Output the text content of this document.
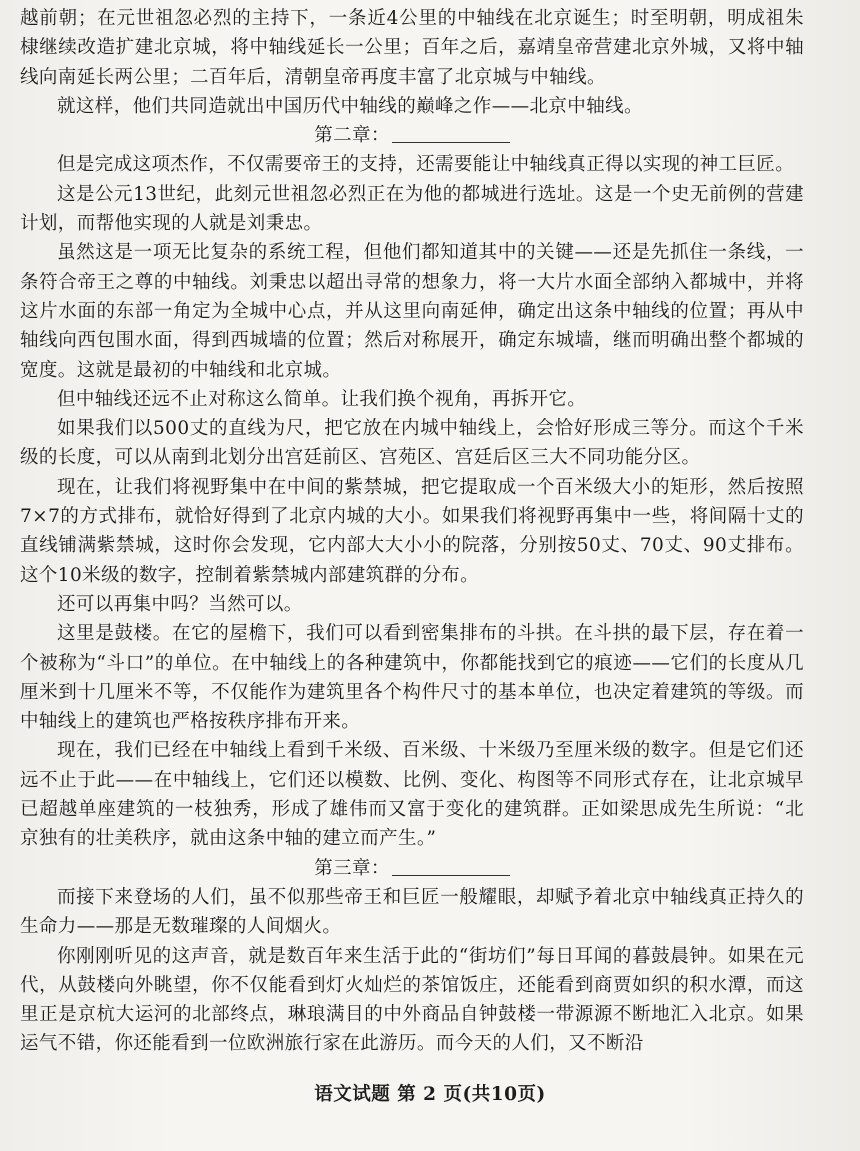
越前朝；在元世祖忽必烈的主持下，一条近4公里的中轴线在北京诞生；时至明朝，明成祖朱棣继续改造扩建北京城，将中轴线延长一公里；百年之后，嘉靖皇帝营建北京外城，又将中轴线向南延长两公里；二百年后，清朝皇帝再度丰富了北京城与中轴线。

就这样，他们共同造就出中国历代中轴线的巅峰之作——北京中轴线。

第二章：

但是完成这项杰作，不仅需要帝王的支持，还需要能让中轴线真正得以实现的神工巨匠。

这是公元13世纪，此刻元世祖忽必烈正在为他的都城进行选址。这是一个史无前例的营建计划，而帮他实现的人就是刘秉忠。

虽然这是一项无比复杂的系统工程，但他们都知道其中的关键——还是先抓住一条线，一条符合帝王之尊的中轴线。刘秉忠以超出寻常的想象力，将一大片水面全部纳入都城中，并将这片水面的东部一角定为全城中心点，并从这里向南延伸，确定出这条中轴线的位置；再从中轴线向西包围水面，得到西城墙的位置；然后对称展开，确定东城墙，继而明确出整个都城的宽度。这就是最初的中轴线和北京城。

但中轴线还远不止对称这么简单。让我们换个视角，再拆开它。

如果我们以500丈的直线为尺，把它放在内城中轴线上，会恰好形成三等分。而这个千米级的长度，可以从南到北划分出宫廷前区、宫苑区、宫廷后区三大不同功能分区。

现在，让我们将视野集中在中间的紫禁城，把它提取成一个百米级大小的矩形，然后按照7×7的方式排布，就恰好得到了北京内城的大小。如果我们将视野再集中一些，将间隔十丈的直线铺满紫禁城，这时你会发现，它内部大大小小的院落，分别按50丈、70丈、90丈排布。这个10米级的数字，控制着紫禁城内部建筑群的分布。

还可以再集中吗？当然可以。

这里是鼓楼。在它的屋檐下，我们可以看到密集排布的斗拱。在斗拱的最下层，存在着一个被称为“斗口”的单位。在中轴线上的各种建筑中，你都能找到它的痕迹——它们的长度从几厘米到十几厘米不等，不仅能作为建筑里各个构件尺寸的基本单位，也决定着建筑的等级。而中轴线上的建筑也严格按秩序排布开来。

现在，我们已经在中轴线上看到千米级、百米级、十米级乃至厘米级的数字。但是它们还远不止于此——在中轴线上，它们还以模数、比例、变化、构图等不同形式存在，让北京城早已超越单座建筑的一枝独秀，形成了雄伟而又富于变化的建筑群。正如梁思成先生所说：“北京独有的壮美秩序，就由这条中轴的建立而产生。”

第三章：

而接下来登场的人们，虽不似那些帝王和巨匠一般耀眼，却赋予着北京中轴线真正持久的生命力——那是无数璀璨的人间烟火。

你刚刚听见的这声音，就是数百年来生活于此的“街坊们”每日耳闻的暮鼓晨钟。如果在元代，从鼓楼向外眺望，你不仅能看到灯火灿烂的茶馆饭庄，还能看到商贾如织的积水潭，而这里正是京杭大运河的北部终点，琳琅满目的中外商品自钟鼓楼一带源源不断地汇入北京。如果运气不错，你还能看到一位欧洲旅行家在此游历。而今天的人们，又不断沿

语文试题 第 2 页(共10页)
